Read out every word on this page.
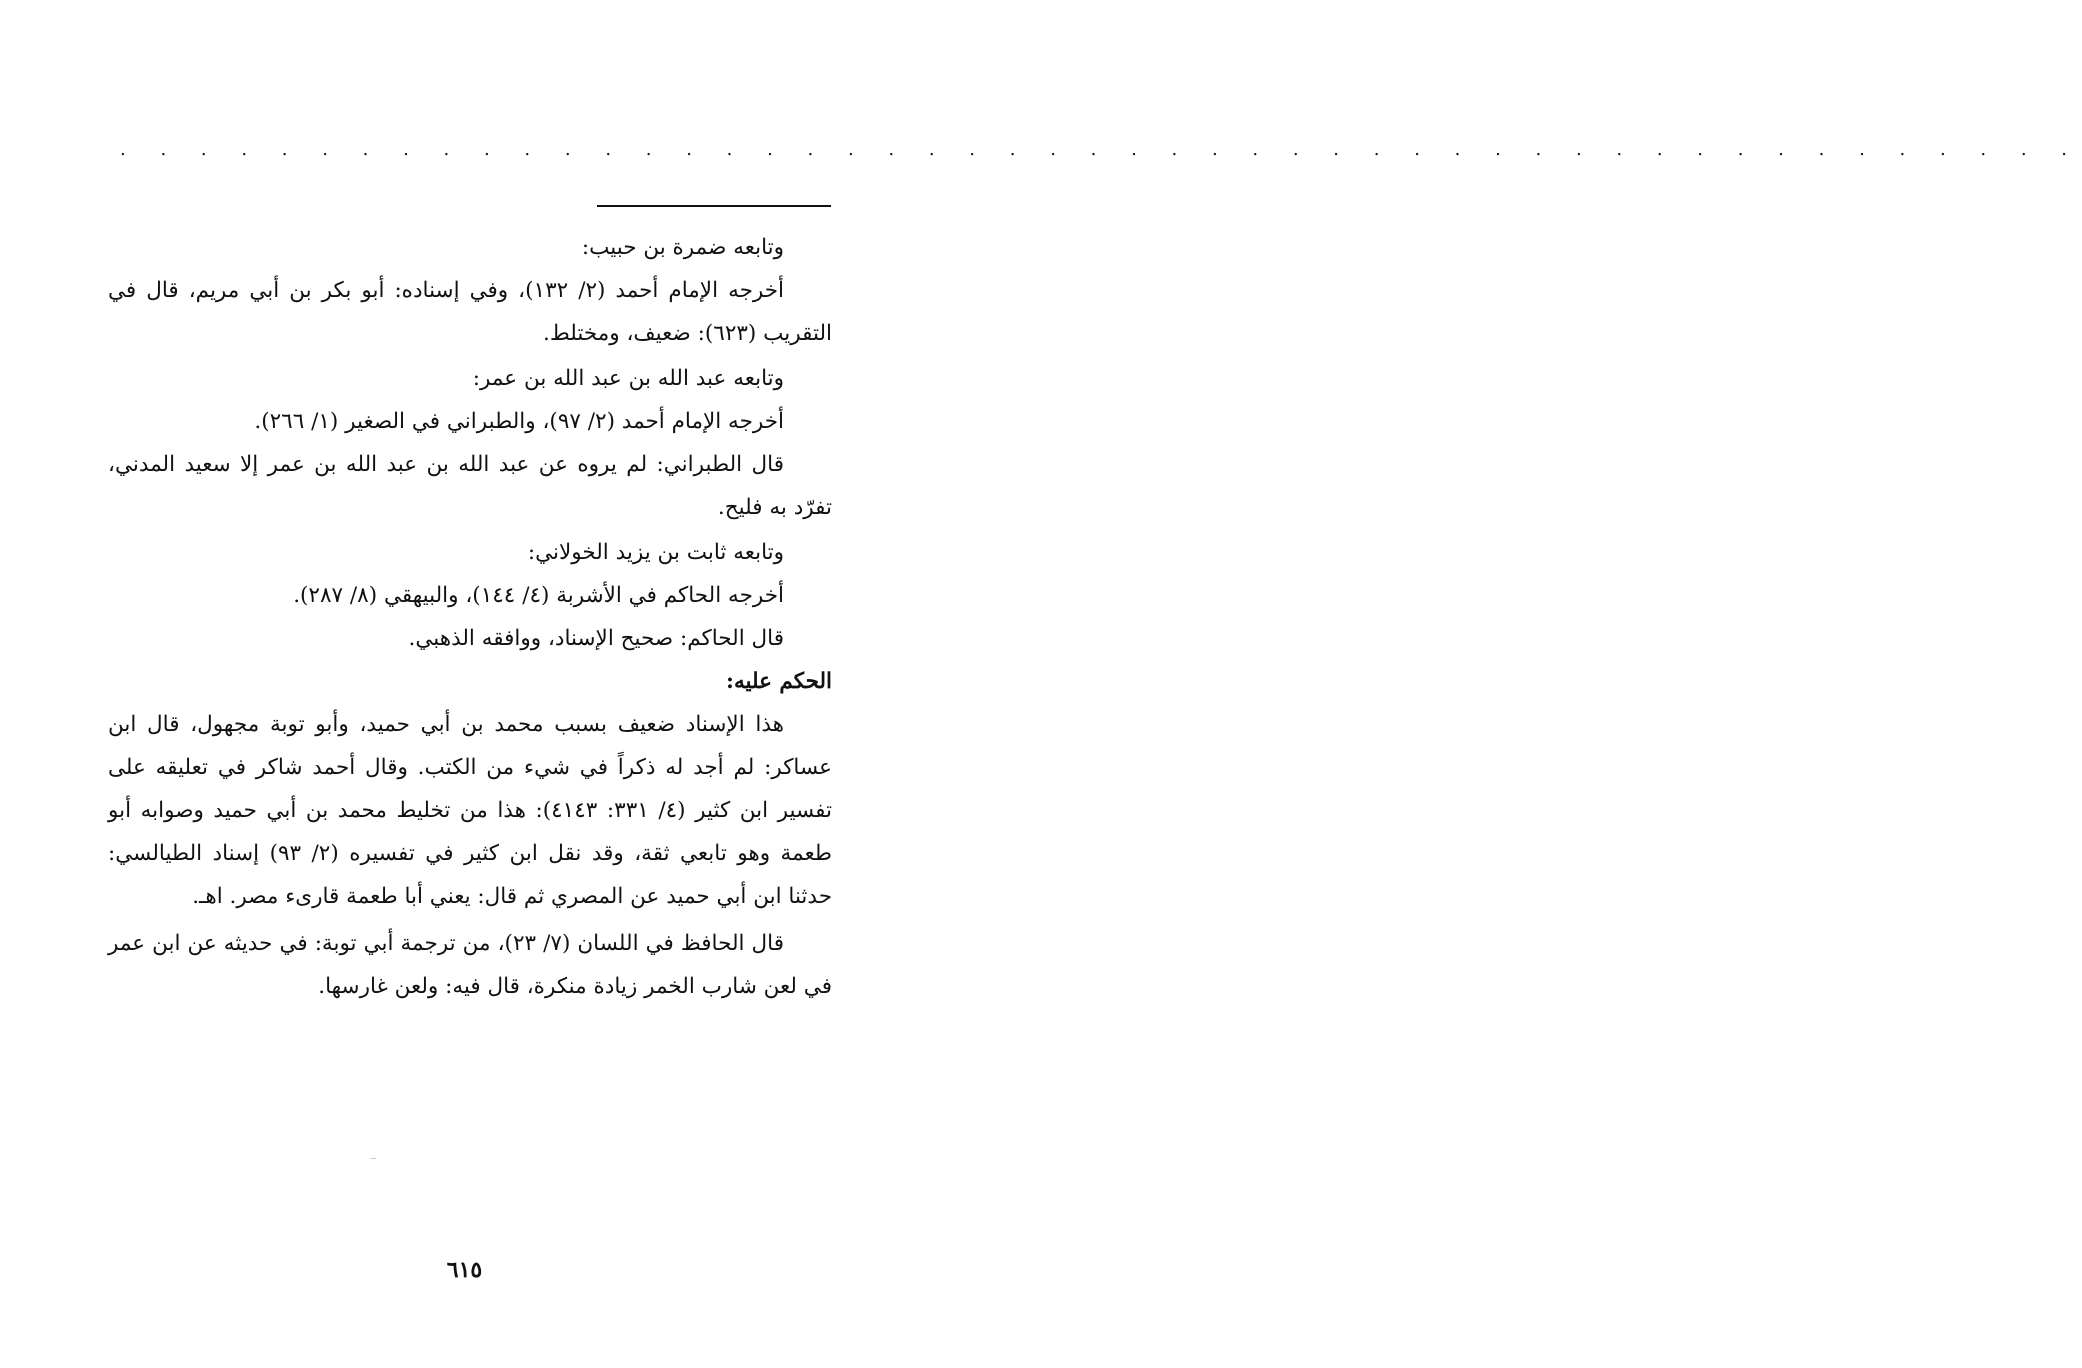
. . . . . . . . . . . . . . . . . . . . . . . . . . . . . . . . . . . . . . . . . . . . . . . . .

وتابعه ضمرة بن حبيب:

أخرجه الإمام أحمد (٢/ ١٣٢)، وفي إسناده: أبو بكر بن أبي مريم، قال في التقريب (٦٢٣): ضعيف، ومختلط.

وتابعه عبد الله بن عبد الله بن عمر:

أخرجه الإمام أحمد (٢/ ٩٧)، والطبراني في الصغير (١/ ٢٦٦).

قال الطبراني: لم يروه عن عبد الله بن عبد الله بن عمر إلا سعيد المدني، تفرّد به فليح.

وتابعه ثابت بن يزيد الخولاني:

أخرجه الحاكم في الأشربة (٤/ ١٤٤)، والبيهقي (٨/ ٢٨٧).

قال الحاكم: صحيح الإسناد، ووافقه الذهبي.

الحكم عليه:

هذا الإسناد ضعيف بسبب محمد بن أبي حميد، وأبو توبة مجهول، قال ابن عساكر: لم أجد له ذكراً في شيء من الكتب. وقال أحمد شاكر في تعليقه على تفسير ابن كثير (٤/ ٣٣١: ٤١٤٣): هذا من تخليط محمد بن أبي حميد وصوابه أبو طعمة وهو تابعي ثقة، وقد نقل ابن كثير في تفسيره (٢/ ٩٣) إسناد الطيالسي: حدثنا ابن أبي حميد عن المصري ثم قال: يعني أبا طعمة قارىء مصر. اهـ.

قال الحافظ في اللسان (٧/ ٢٣)، من ترجمة أبي توبة: في حديثه عن ابن عمر في لعن شارب الخمر زيادة منكرة، قال فيه: ولعن غارسها.

٦١٥
